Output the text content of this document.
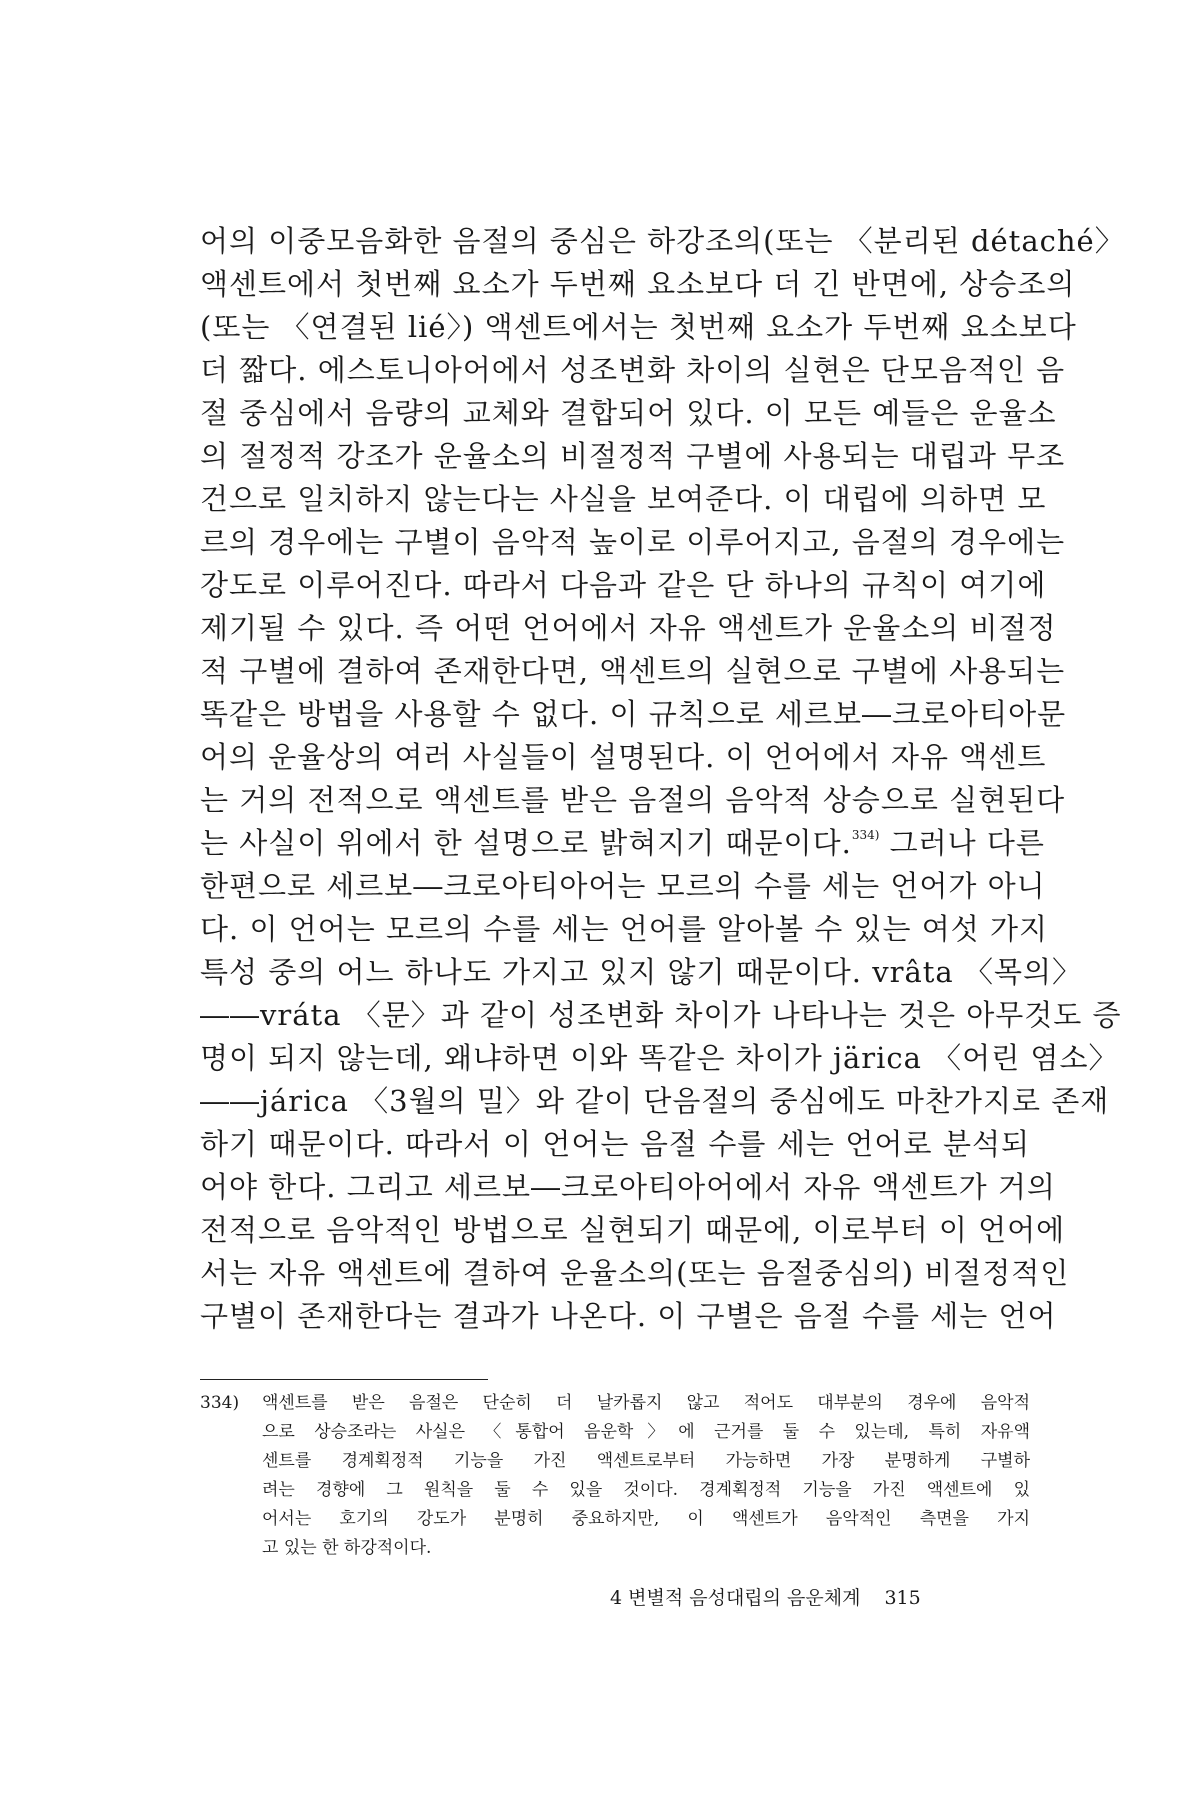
어의 이중모음화한 음절의 중심은 하강조의(또는 〈분리된 détaché〉
액센트에서 첫번째 요소가 두번째 요소보다 더 긴 반면에, 상승조의
(또는 〈연결된 lié〉) 액센트에서는 첫번째 요소가 두번째 요소보다
더 짧다. 에스토니아어에서 성조변화 차이의 실현은 단모음적인 음
절 중심에서 음량의 교체와 결합되어 있다. 이 모든 예들은 운율소
의 절정적 강조가 운율소의 비절정적 구별에 사용되는 대립과 무조
건으로 일치하지 않는다는 사실을 보여준다. 이 대립에 의하면 모
르의 경우에는 구별이 음악적 높이로 이루어지고, 음절의 경우에는
강도로 이루어진다. 따라서 다음과 같은 단 하나의 규칙이 여기에
제기될 수 있다. 즉 어떤 언어에서 자유 액센트가 운율소의 비절정
적 구별에 결하여 존재한다면, 액센트의 실현으로 구별에 사용되는
똑같은 방법을 사용할 수 없다. 이 규칙으로 세르보―크로아티아문
어의 운율상의 여러 사실들이 설명된다. 이 언어에서 자유 액센트
는 거의 전적으로 액센트를 받은 음절의 음악적 상승으로 실현된다
는 사실이 위에서 한 설명으로 밝혀지기 때문이다.$^{334)}$ 그러나 다른
한편으로 세르보―크로아티아어는 모르의 수를 세는 언어가 아니
다. 이 언어는 모르의 수를 세는 언어를 알아볼 수 있는 여섯 가지
특성 중의 어느 하나도 가지고 있지 않기 때문이다. vrâta 〈목의〉
――vráta 〈문〉과 같이 성조변화 차이가 나타나는 것은 아무것도 증
명이 되지 않는데, 왜냐하면 이와 똑같은 차이가 järica 〈어린 염소〉
――járica 〈3월의 밀〉와 같이 단음절의 중심에도 마찬가지로 존재
하기 때문이다. 따라서 이 언어는 음절 수를 세는 언어로 분석되
어야 한다. 그리고 세르보―크로아티아어에서 자유 액센트가 거의
전적으로 음악적인 방법으로 실현되기 때문에, 이로부터 이 언어에
서는 자유 액센트에 결하여 운율소의(또는 음절중심의) 비절정적인
구별이 존재한다는 결과가 나온다. 이 구별은 음절 수를 세는 언어
334) 액센트를 받은 음절은 단순히 더 날카롭지 않고 적어도 대부분의 경우에 음악적
으로 상승조라는 사실은 〈통합어 음운학〉에 근거를 둘 수 있는데, 특히 자유액
센트를 경계획정적 기능을 가진 액센트로부터 가능하면 가장 분명하게 구별하
려는 경향에 그 원칙을 둘 수 있을 것이다. 경계획정적 기능을 가진 액센트에 있
어서는 호기의 강도가 분명히 중요하지만, 이 액센트가 음악적인 측면을 가지
고 있는 한 하강적이다.
4 변별적 음성대립의 음운체계 315
